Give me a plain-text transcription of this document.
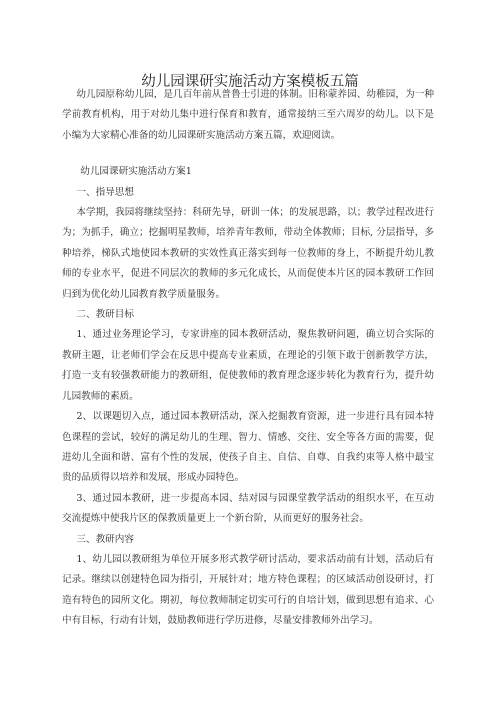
幼儿园课研实施活动方案模板五篇

幼儿园原称幼儿园，是几百年前从普鲁士引进的体制。旧称蒙养园、幼稚园，为一种学前教育机构，用于对幼儿集中进行保育和教育，通常接纳三至六周岁的幼儿。以下是小编为大家精心准备的幼儿园课研实施活动方案五篇，欢迎阅读。

幼儿园课研实施活动方案1

一、指导思想

本学期，我园将继续坚持：科研先导，研训一体；的发展思路，以；教学过程改进行为；为抓手，确立；挖掘明星教师，培养青年教师，带动全体教师；目标, 分层指导，多种培养，梯队式地使园本教研的实效性真正落实到每一位教师的身上，不断提升幼儿教师的专业水平，促进不同层次的教师的多元化成长，从而促使本片区的园本教研工作回归到为优化幼儿园教育教学质量服务。

二、教研目标

1、通过业务理论学习，专家讲座的园本教研活动，聚焦教研问题，确立切合实际的教研主题，让老师们学会在反思中提高专业素质，在理论的引领下敢于创新教学方法，打造一支有较强教研能力的教研组，促使教师的教育理念逐步转化为教育行为，提升幼儿园教师的素质。

2、以课题切入点，通过园本教研活动，深入挖掘教育资源，进一步进行具有园本特色课程的尝试，较好的满足幼儿的生理、智力、情感、交往、安全等各方面的需要，促进幼儿全面和谐、富有个性的发展，使孩子自主、自信、自尊、自我约束等人格中最宝贵的品质得以培养和发展，形成办园特色。

3、通过园本教研，进一步提高本园、结对园与园课堂教学活动的组织水平，在互动交流提炼中使我片区的保教质量更上一个新台阶，从而更好的服务社会。

三、教研内容

1、幼儿园以教研组为单位开展多形式教学研讨活动，要求活动前有计划，活动后有记录。继续以创建特色园为指引，开展针对；地方特色课程；的区域活动创设研讨，打造有特色的园所文化。期初，每位教师制定切实可行的自培计划，做到思想有追求、心中有目标，行动有计划，鼓励教师进行学历进修，尽量安排教师外出学习。
